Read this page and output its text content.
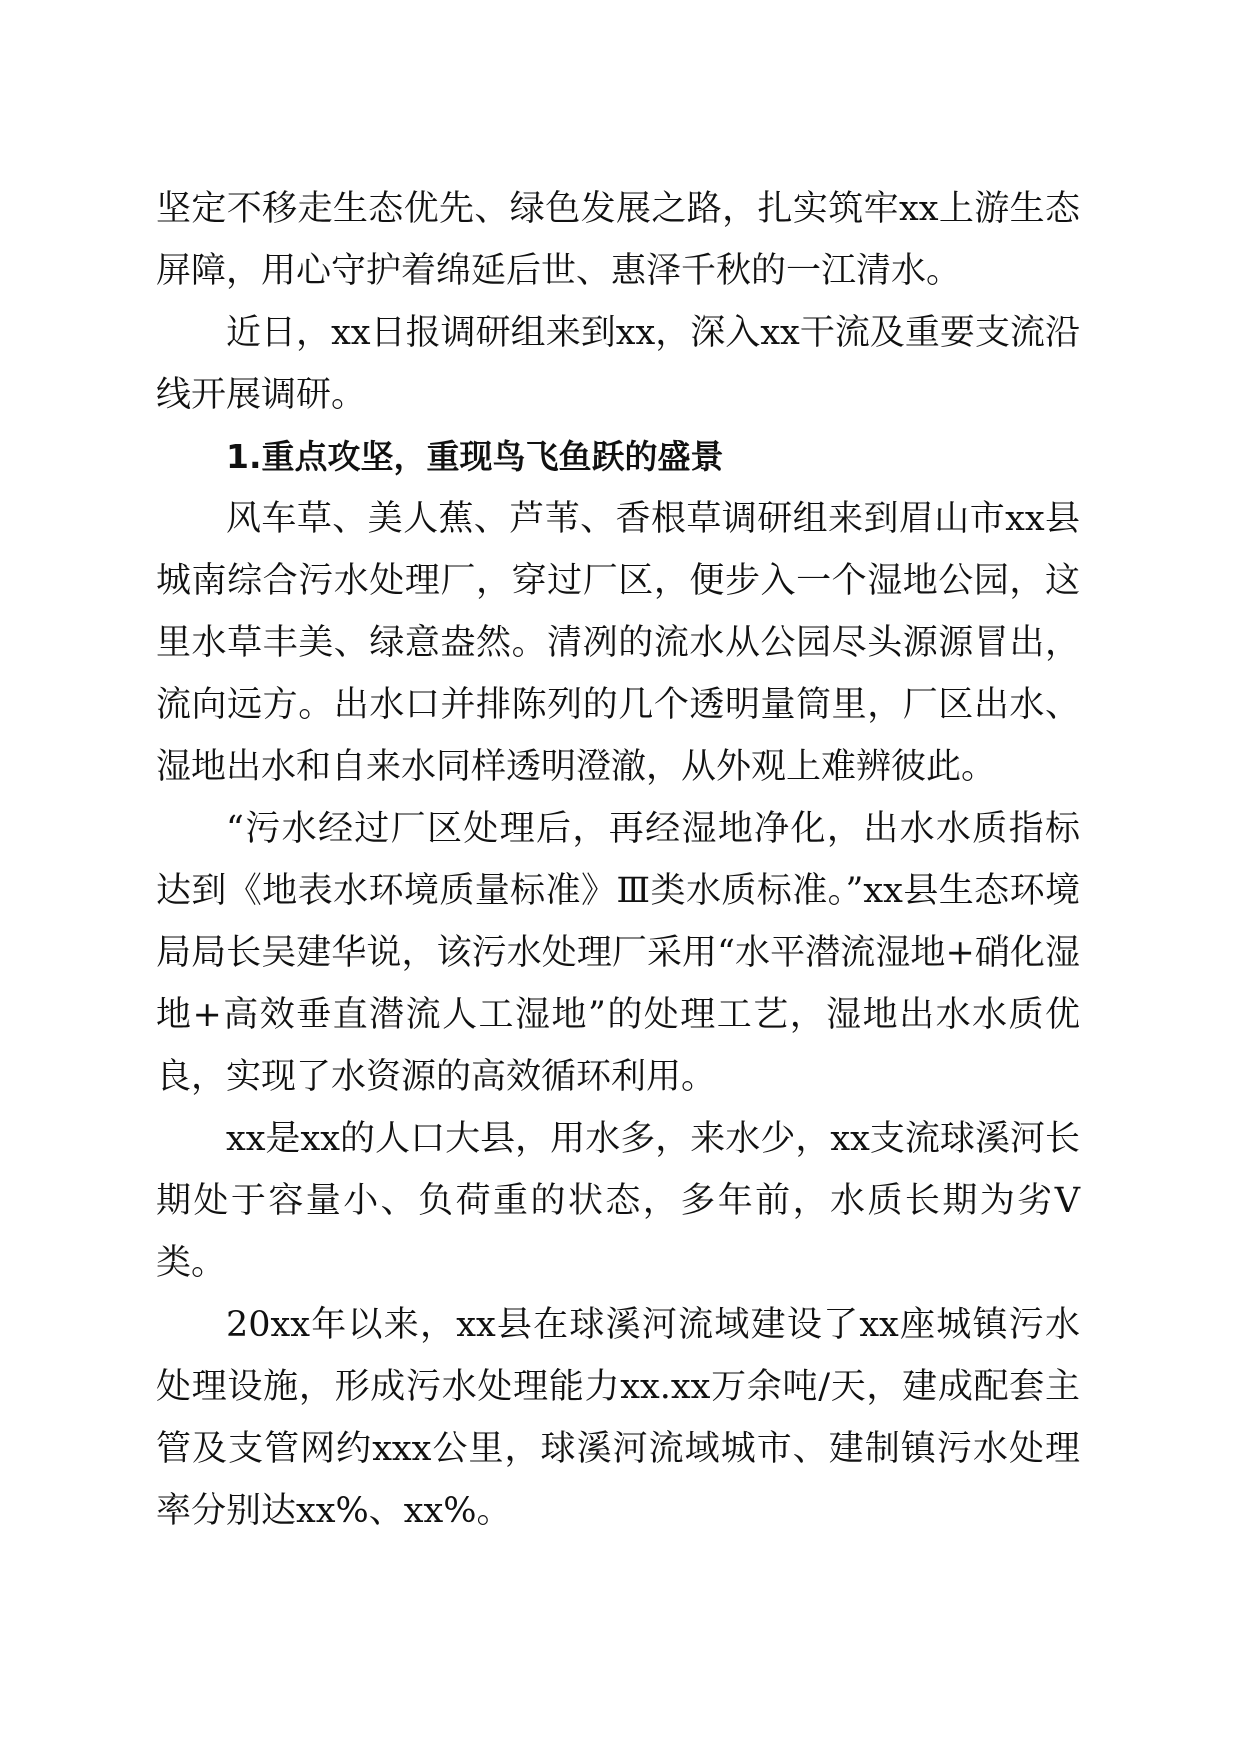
坚定不移走生态优先、绿色发展之路，扎实筑牢xx上游生态屏障，用心守护着绵延后世、惠泽千秋的一江清水。

近日，xx日报调研组来到xx，深入xx干流及重要支流沿线开展调研。

1.重点攻坚，重现鸟飞鱼跃的盛景

风车草、美人蕉、芦苇、香根草调研组来到眉山市xx县城南综合污水处理厂，穿过厂区，便步入一个湿地公园，这里水草丰美、绿意盎然。清冽的流水从公园尽头源源冒出，流向远方。出水口并排陈列的几个透明量筒里，厂区出水、湿地出水和自来水同样透明澄澈，从外观上难辨彼此。

“污水经过厂区处理后，再经湿地净化，出水水质指标达到《地表水环境质量标准》Ⅲ类水质标准。”xx县生态环境局局长吴建华说，该污水处理厂采用“水平潜流湿地+硝化湿地+高效垂直潜流人工湿地”的处理工艺，湿地出水水质优良，实现了水资源的高效循环利用。

xx是xx的人口大县，用水多，来水少，xx支流球溪河长期处于容量小、负荷重的状态，多年前，水质长期为劣Ⅴ类。

20xx年以来，xx县在球溪河流域建设了xx座城镇污水处理设施，形成污水处理能力xx.xx万余吨/天，建成配套主管及支管网约xxx公里，球溪河流域城市、建制镇污水处理率分别达xx%、xx%。
